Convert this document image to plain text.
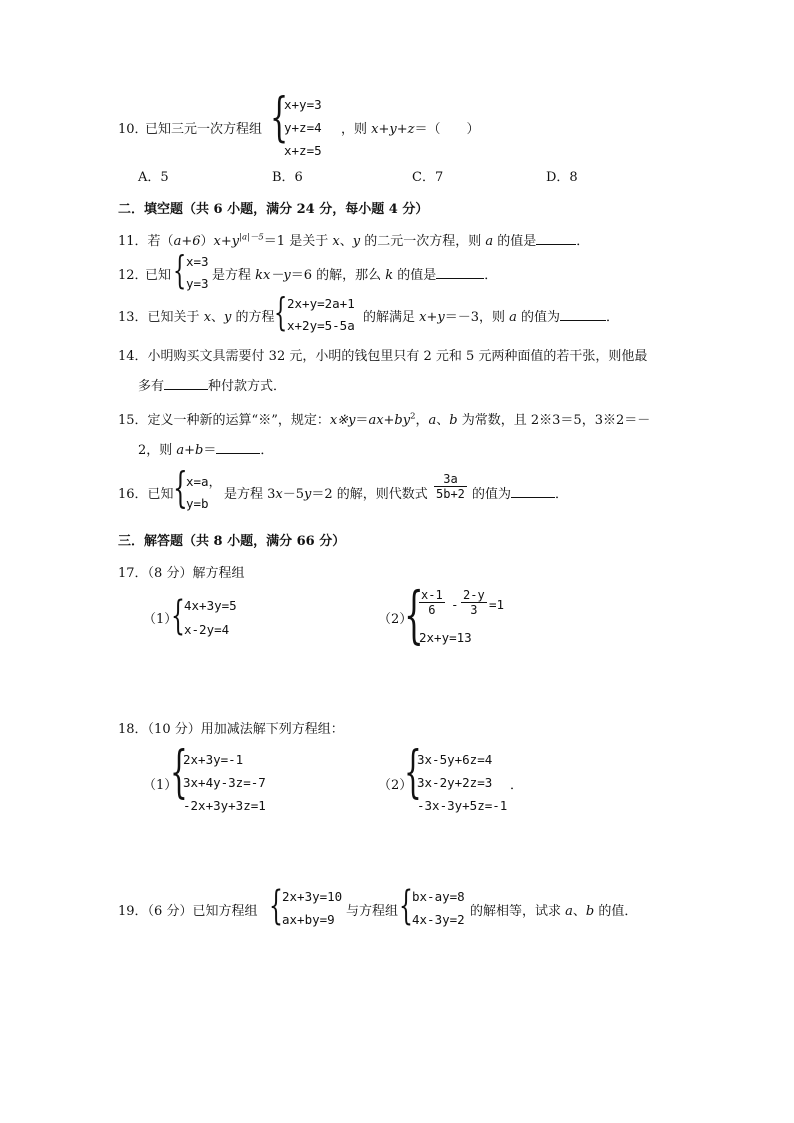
10．
已知三元一次方程组 {
x+y=3
y+z=4
x+z=5
，则 x+y+z＝（　　）
A．5	B．6	C．7	D．8
二．填空题（共 6 小题，满分 24 分，每小题 4 分）
11．若$(a+6)x+y^{|a|-5}=1$ 是关于 x、y 的二元一次方程，则 a 的值是	．
12．
已知 { x=3
y=3
是方程 kx－y＝6 的解，那么 k 的值是	．
13．已知关于 x、y 的方程 { 2x+y=2a+1
x+2y=5-5a
的解满足 x+y＝－3，则 a 的值为	．
14．小明购买文具需要付 32 元，小明的钱包里只有 2 元和 5 元两种面值的若干张，则他最
多有	种付款方式．
15．定义一种新的运算“※”，规定：$x※y=ax+by^2$，a、b 为常数，且 2※3＝5，3※2＝－
2，则 a+b＝	．
16．已知 {
x=a，
y=b
是方程 3x－5y＝2 的解，则代数式 $\frac{3a}{5b+2}$ 的值为	．
三．解答题（共 8 小题，满分 66 分）
17．（8 分）解方程组
（1）
{ 4x+3y=5
x-2y=4
（2）
{
$\frac{x-1}{6} - \frac{2-y}{3} =1$
2x+y=13
18．（10 分）用加减法解下列方程组：
（1）
{
2x+3y=-1
3x+4y-3z=-7
-2x+3y+3z=1
（2）
{
3x-5y+6z=4
3x-2y+2z=3
-3x-3y+5z=-1
．
19．（6 分）已知方程组 { 2x+3y=10
ax+by=9
与方程组 { bx-ay=8
4x-3y=2
的解相等，试求 a、b 的值．
